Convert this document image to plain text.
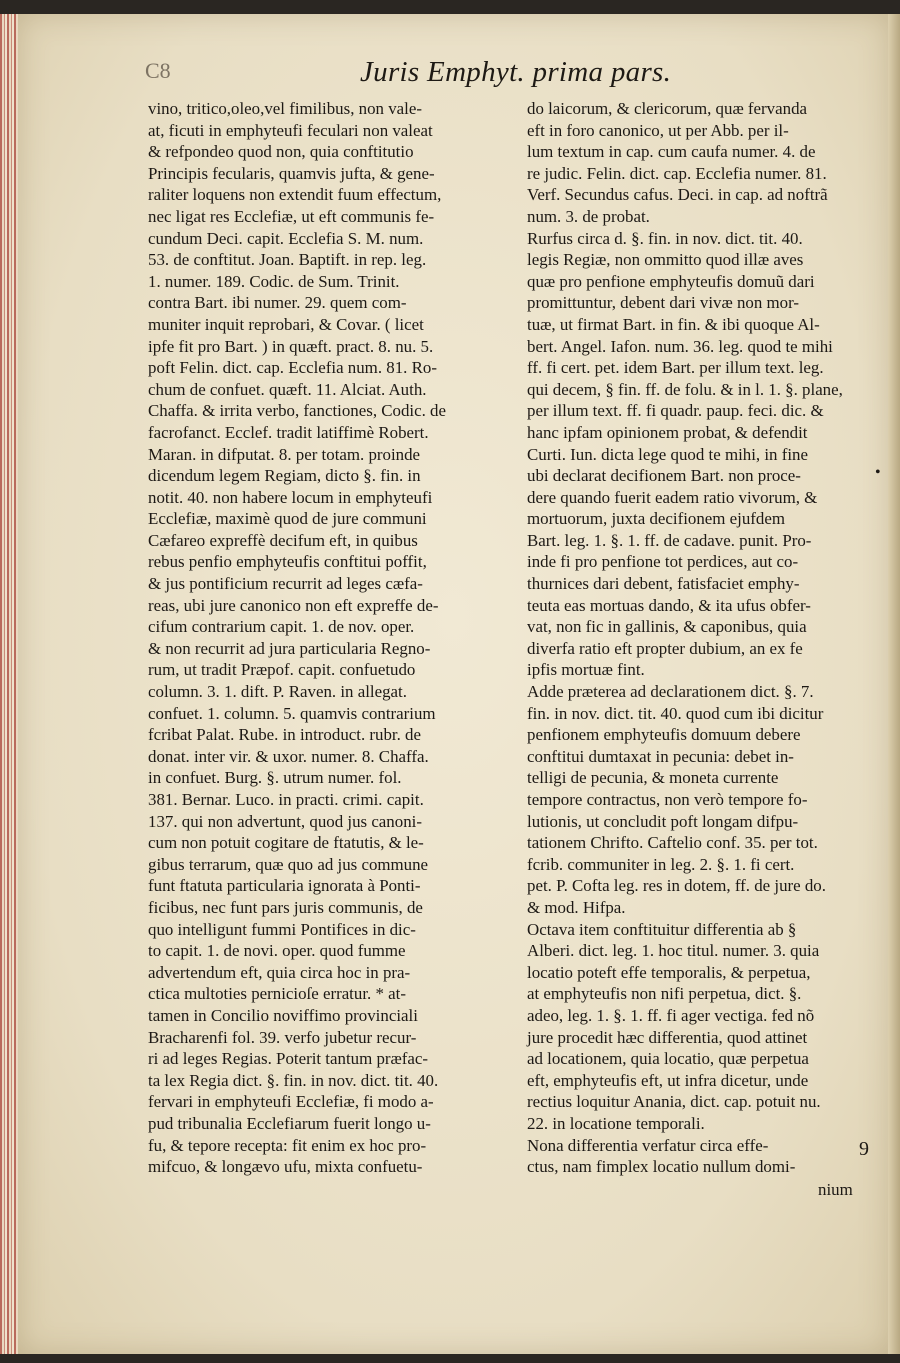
C8	Juris Emphyt. prima pars.
vino, tritico,oleo,vel fimilibus, non vale-
at, ficuti in emphyteufi feculari non valeat
& refpondeo quod non, quia conftitutio
Principis fecularis, quamvis jufta, & gene-
raliter loquens non extendit fuum effectum,
nec ligat res Ecclefiæ, ut eft communis fe-
cundum Deci. capit. Ecclefia S. M. num.
53. de conftitut. Joan. Baptift. in rep. leg.
1. numer. 189. Codic. de Sum. Trinit.
contra Bart. ibi numer. 29. quem com-
muniter inquit reprobari, & Covar. ( licet
ipfe fit pro Bart. ) in quæft. pract. 8. nu. 5.
poft Felin. dict. cap. Ecclefia num. 81. Ro-
chum de confuet. quæft. 11. Alciat. Auth.
Chaffa. & irrita verbo, fanctiones, Codic. de
facrofanct. Ecclef. tradit latiffimè Robert.
Maran. in difputat. 8. per totam. proinde
dicendum legem Regiam, dicto §. fin. in
notit. 40. non habere locum in emphyteufi
Ecclefiæ, maximè quod de jure communi
Cæfareo expreffè decifum eft, in quibus
rebus penfio emphyteufis conftitui poffit,
& jus pontificium recurrit ad leges cæfa-
reas, ubi jure canonico non eft expreffe de-
cifum contrarium capit. 1. de nov. oper.
& non recurrit ad jura particularia Regno-
rum, ut tradit Præpof. capit. confuetudo
column. 3. 1. dift. P. Raven. in allegat.
confuet. 1. column. 5. quamvis contrarium
fcribat Palat. Rube. in introduct. rubr. de
donat. inter vir. & uxor. numer. 8. Chaffa.
in confuet. Burg. §. utrum numer. fol.
381. Bernar. Luco. in practi. crimi. capit.
137. qui non advertunt, quod jus canoni-
cum non potuit cogitare de ftatutis, & le-
gibus terrarum, quæ quo ad jus commune
funt ftatuta particularia ignorata à Ponti-
ficibus, nec funt pars juris communis, de
quo intelligunt fummi Pontifices in dic-
to capit. 1. de novi. oper. quod fumme
advertendum eft, quia circa hoc in pra-
ctica multoties pernicioſe erratur. * at-
tamen in Concilio noviffimo provinciali
Bracharenfi fol. 39. verfo jubetur recur-
ri ad leges Regias. Poterit tantum præfac-
ta lex Regia dict. §. fin. in nov. dict. tit. 40.
fervari in emphyteufi Ecclefiæ, fi modo a-
pud tribunalia Ecclefiarum fuerit longo u-
fu, & tepore recepta: fit enim ex hoc pro-
mifcuo, & longævo ufu, mixta confuetu-
do laicorum, & clericorum, quæ fervanda
eft in foro canonico, ut per Abb. per il-
lum textum in cap. cum caufa numer. 4. de
re judic. Felin. dict. cap. Ecclefia numer. 81.
Verf. Secundus cafus. Deci. in cap. ad noftrã
num. 3. de probat.
Rurfus circa d. §. fin. in nov. dict. tit. 40.
legis Regiæ, non ommitto quod illæ aves
quæ pro penfione emphyteufis domuũ dari
promittuntur, debent dari vivæ non mor-
tuæ, ut firmat Bart. in fin. & ibi quoque Al-
bert. Angel. Iafon. num. 36. leg. quod te mihi
ff. fi cert. pet. idem Bart. per illum text. leg.
qui decem, § fin. ff. de folu. & in l. 1. §. plane,
per illum text. ff. fi quadr. paup. feci. dic. &
hanc ipfam opinionem probat, & defendit
Curti. Iun. dicta lege quod te mihi, in fine
ubi declarat decifionem Bart. non proce-
dere quando fuerit eadem ratio vivorum, &
mortuorum, juxta decifionem ejufdem
Bart. leg. 1. §. 1. ff. de cadave. punit. Pro-
inde fi pro penfione tot perdices, aut co-
thurnices dari debent, fatisfaciet emphy-
teuta eas mortuas dando, & ita ufus obfer-
vat, non fic in gallinis, & caponibus, quia
diverfa ratio eft propter dubium, an ex fe
ipfis mortuæ fint.
Adde præterea ad declarationem dict. §. 7.
fin. in nov. dict. tit. 40. quod cum ibi dicitur
penfionem emphyteufis domuum debere
conftitui dumtaxat in pecunia: debet in-
telligi de pecunia, & moneta currente
tempore contractus, non verò tempore fo-
lutionis, ut concludit poft longam difpu-
tationem Chrifto. Caftelio conf. 35. per tot.
fcrib. communiter in leg. 2. §. 1. fi cert.
pet. P. Cofta leg. res in dotem, ff. de jure do.
& mod. Hifpa.
Octava item conftituitur differentia ab §
Alberi. dict. leg. 1. hoc titul. numer. 3. quia
locatio poteft effe temporalis, & perpetua,
at emphyteufis non nifi perpetua, dict. §.
adeo, leg. 1. §. 1. ff. fi ager vectiga. fed nõ
jure procedit hæc differentia, quod attinet
ad locationem, quia locatio, quæ perpetua
eft, emphyteufis eft, ut infra dicetur, unde
rectius loquitur Anania, dict. cap. potuit nu.
22. in locatione temporali.
Nona differentia verfatur circa effe-
ctus, nam fimplex locatio nullum domi-
•
9
nium
